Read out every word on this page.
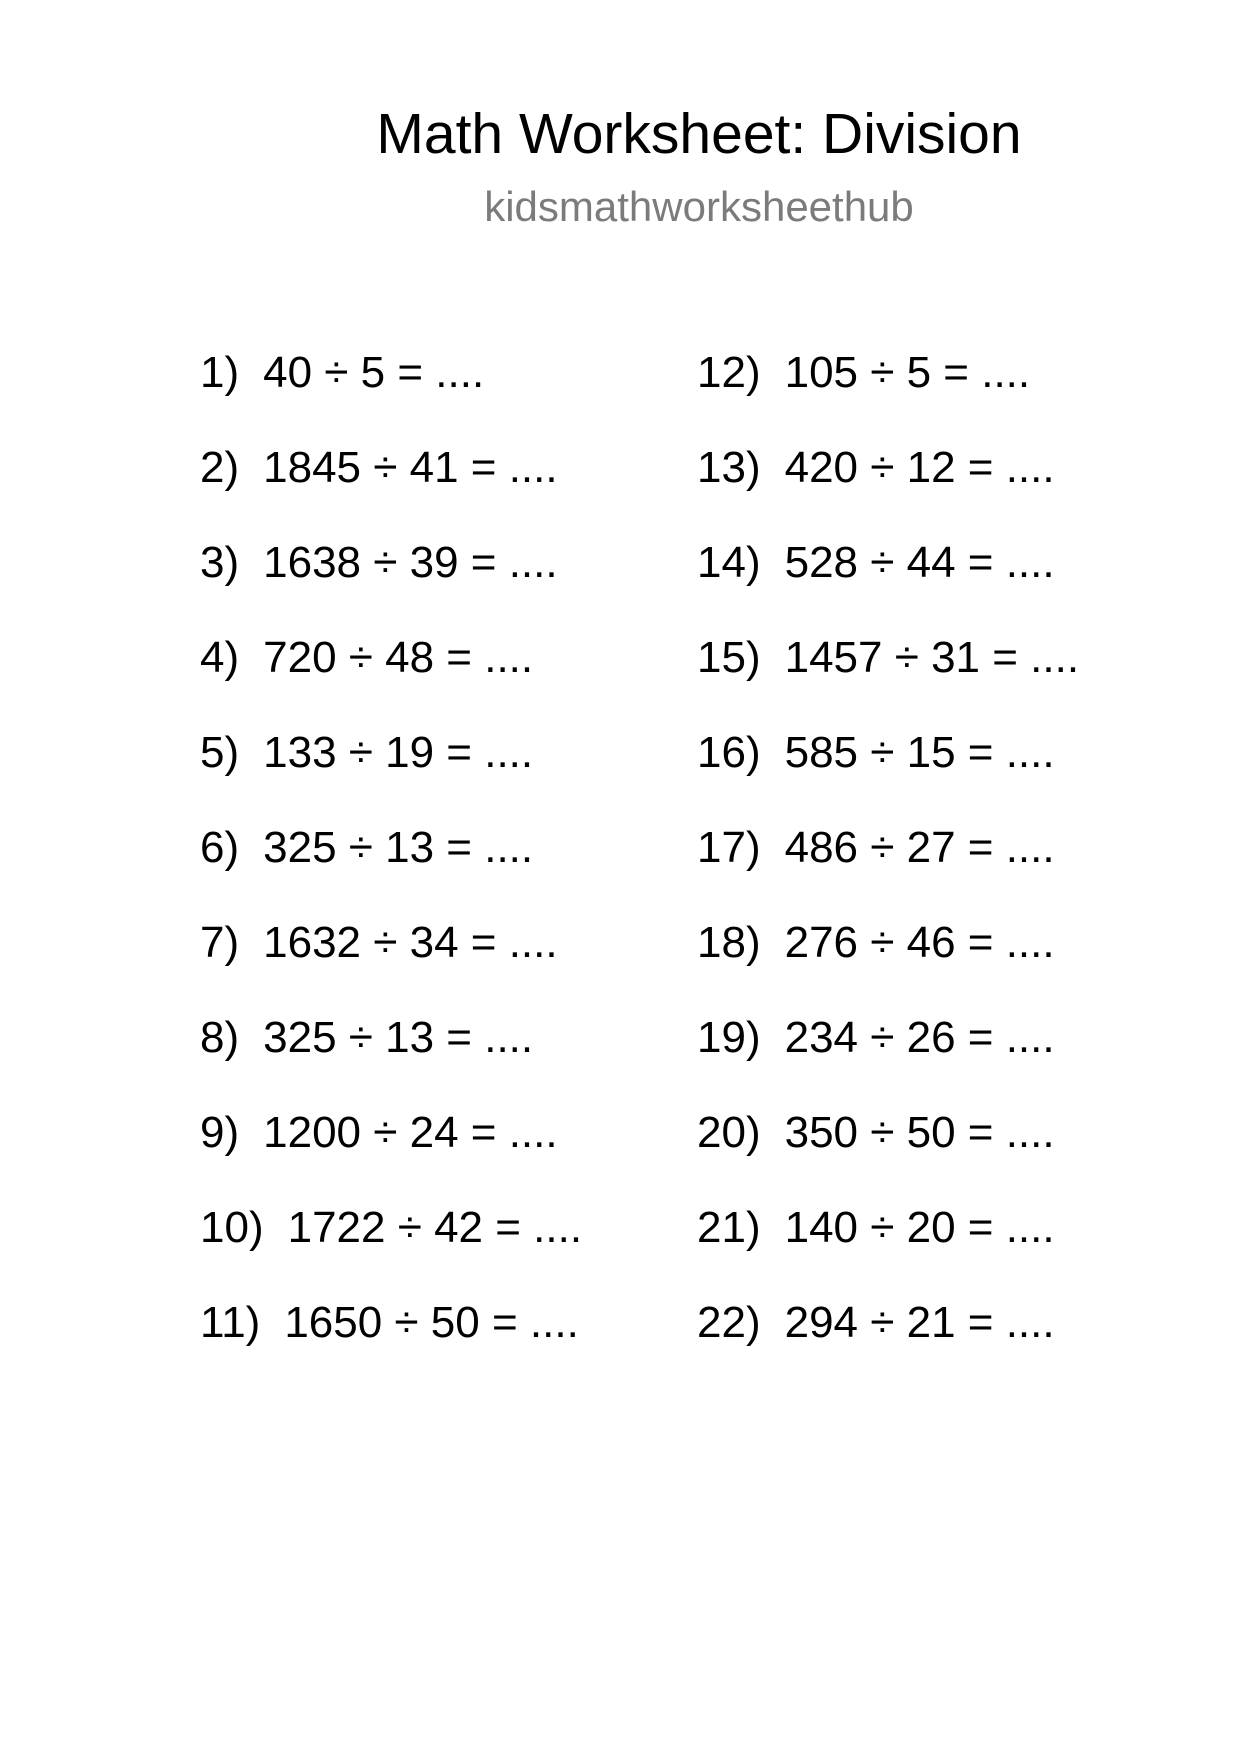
Math Worksheet: Division
kidsmathworksheethub
1) 40 ÷ 5 = ....
2) 1845 ÷ 41 = ....
3) 1638 ÷ 39 = ....
4) 720 ÷ 48 = ....
5) 133 ÷ 19 = ....
6) 325 ÷ 13 = ....
7) 1632 ÷ 34 = ....
8) 325 ÷ 13 = ....
9) 1200 ÷ 24 = ....
10) 1722 ÷ 42 = ....
11) 1650 ÷ 50 = ....
12) 105 ÷ 5 = ....
13) 420 ÷ 12 = ....
14) 528 ÷ 44 = ....
15) 1457 ÷ 31 = ....
16) 585 ÷ 15 = ....
17) 486 ÷ 27 = ....
18) 276 ÷ 46 = ....
19) 234 ÷ 26 = ....
20) 350 ÷ 50 = ....
21) 140 ÷ 20 = ....
22) 294 ÷ 21 = ....
